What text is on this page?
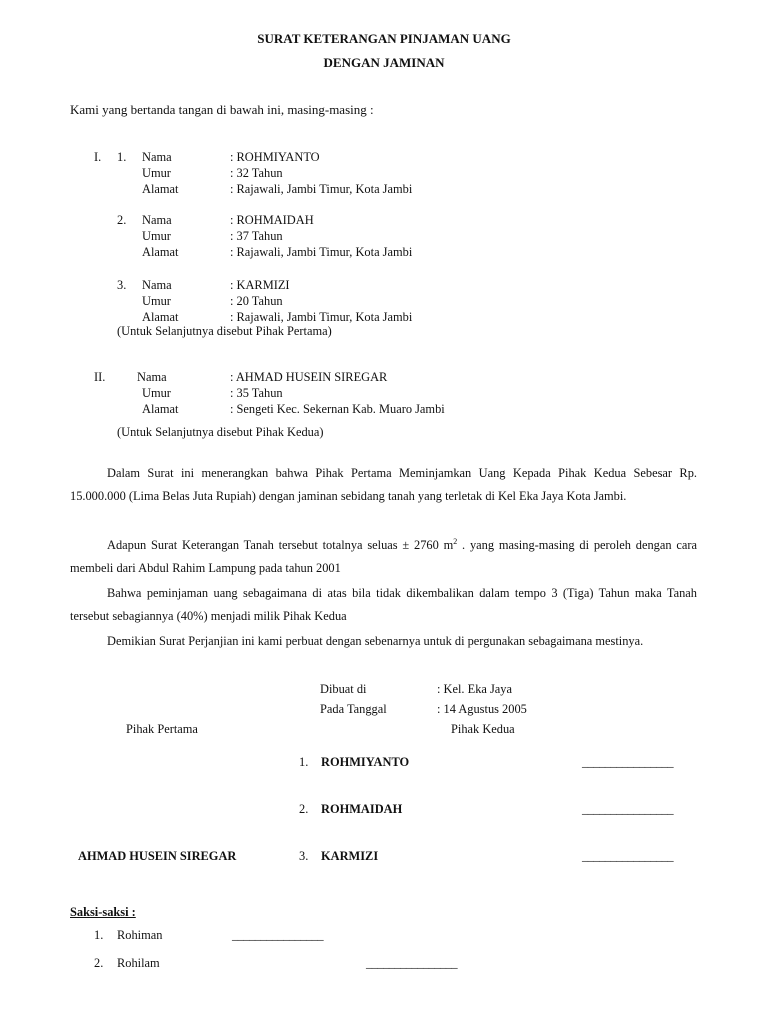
SURAT KETERANGAN PINJAMAN UANG
DENGAN JAMINAN
Kami yang bertanda tangan di bawah ini, masing-masing :
I. 1. Nama	: ROHMIYANTO
Umur	: 32 Tahun
Alamat	: Rajawali, Jambi Timur, Kota Jambi
2. Nama	: ROHMAIDAH
Umur	: 37 Tahun
Alamat	: Rajawali, Jambi Timur, Kota Jambi
3. Nama	: KARMIZI
Umur	: 20 Tahun
Alamat	: Rajawali, Jambi Timur, Kota Jambi
(Untuk Selanjutnya disebut Pihak Pertama)
II.	Nama	: AHMAD HUSEIN SIREGAR
Umur	: 35 Tahun
Alamat	: Sengeti Kec. Sekernan Kab. Muaro Jambi
(Untuk Selanjutnya disebut Pihak Kedua)
Dalam Surat ini menerangkan bahwa Pihak Pertama Meminjamkan Uang Kepada Pihak Kedua Sebesar Rp. 15.000.000 (Lima Belas Juta Rupiah) dengan jaminan sebidang tanah yang terletak di Kel Eka Jaya Kota Jambi.
Adapun Surat Keterangan Tanah tersebut totalnya seluas ± 2760 $m^2$ . yang masing-masing di peroleh dengan cara membeli dari Abdul Rahim Lampung pada tahun 2001
Bahwa peminjaman uang sebagaimana di atas bila tidak dikembalikan dalam tempo 3 (Tiga) Tahun maka Tanah tersebut sebagiannya (40%) menjadi milik Pihak Kedua
Demikian Surat Perjanjian ini kami perbuat dengan sebenarnya untuk di pergunakan sebagaimana mestinya.
Dibuat di	: Kel. Eka Jaya
Pada Tanggal	: 14 Agustus 2005
Pihak Pertama	Pihak Kedua
1. ROHMIYANTO	________________
2. ROHMAIDAH	________________
AHMAD HUSEIN SIREGAR	3. KARMIZI	________________
Saksi-saksi :
1. Rohiman	________________
2. Rohilam	________________
